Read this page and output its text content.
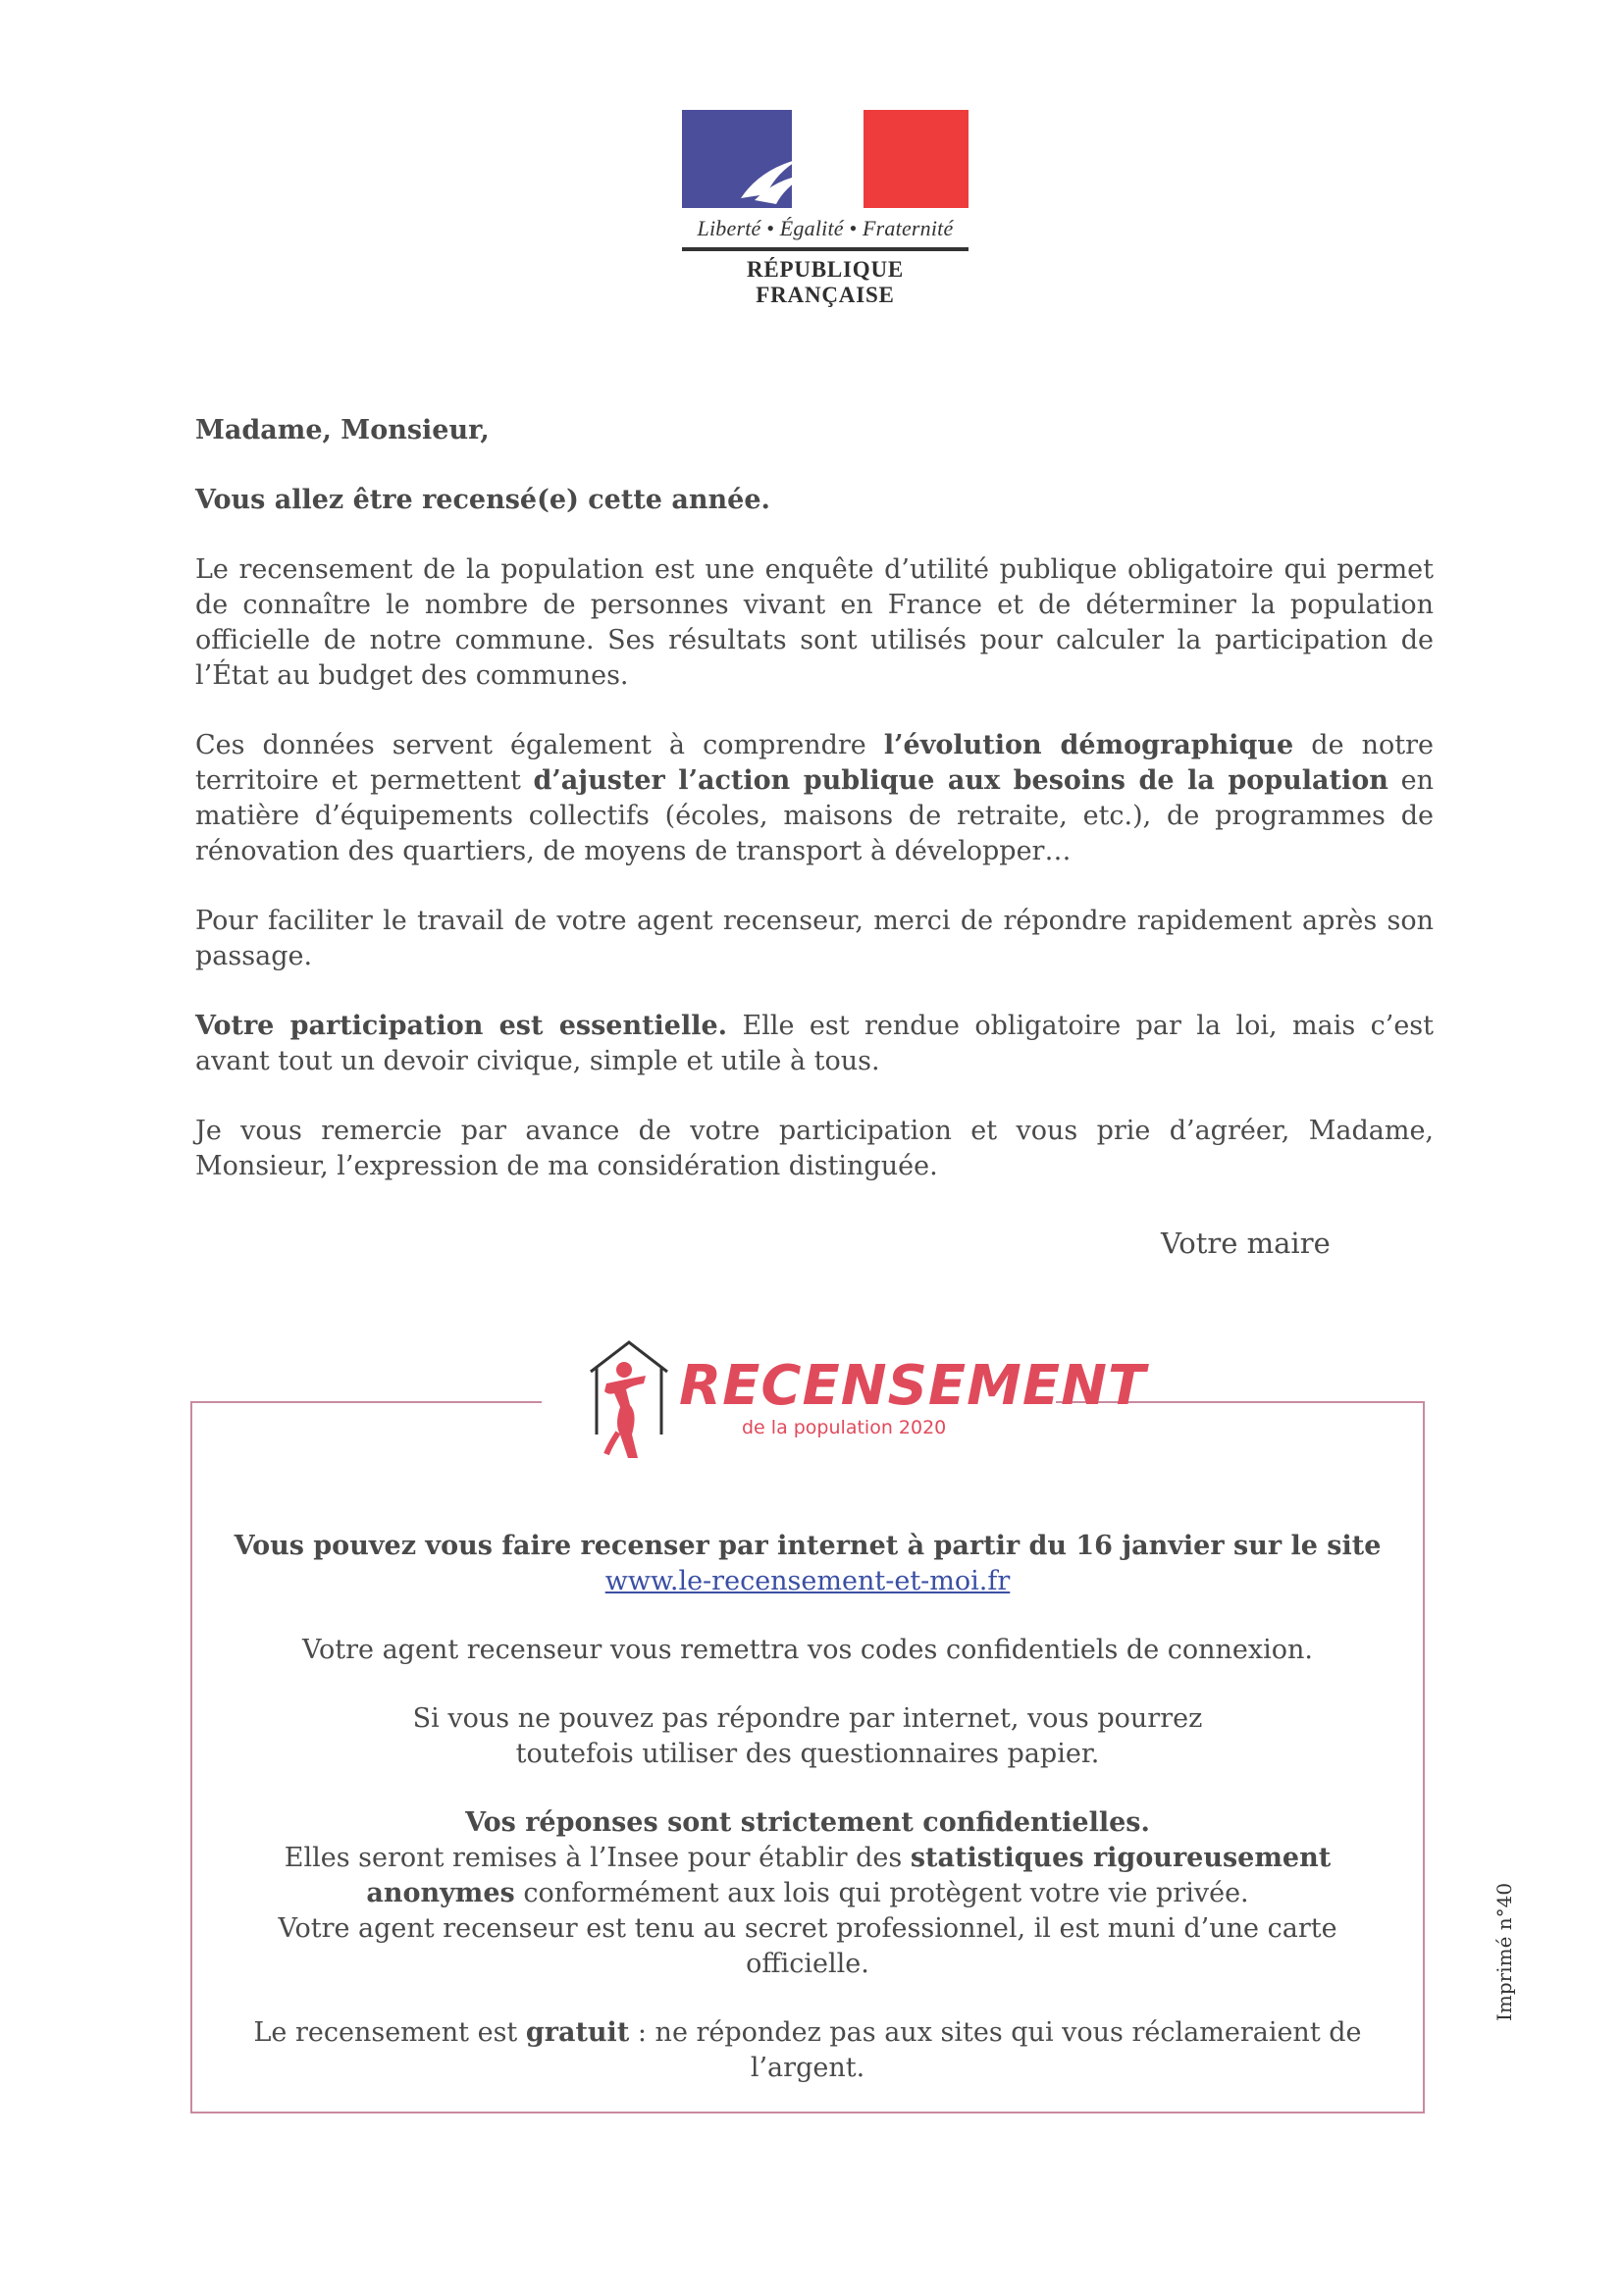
Liberté • Égalité • Fraternité
RÉPUBLIQUE FRANÇAISE

Madame, Monsieur,

Vous allez être recensé(e) cette année.

Le recensement de la population est une enquête d’utilité publique obligatoire qui permet de connaître le nombre de personnes vivant en France et de déterminer la population officielle de notre commune. Ses résultats sont utilisés pour calculer la participation de l’État au budget des communes.

Ces données servent également à comprendre l’évolution démographique de notre territoire et permettent d’ajuster l’action publique aux besoins de la population en matière d’équipements collectifs (écoles, maisons de retraite, etc.), de programmes de rénovation des quartiers, de moyens de transport à développer…

Pour faciliter le travail de votre agent recenseur, merci de répondre rapidement après son passage.

Votre participation est essentielle. Elle est rendue obligatoire par la loi, mais c’est avant tout un devoir civique, simple et utile à tous.

Je vous remercie par avance de votre participation et vous prie d’agréer, Madame, Monsieur, l’expression de ma considération distinguée.

Votre maire
RECENSEMENT
de la population 2020

Vous pouvez vous faire recenser par internet à partir du 16 janvier sur le site
www.le-recensement-et-moi.fr

Votre agent recenseur vous remettra vos codes confidentiels de connexion.

Si vous ne pouvez pas répondre par internet, vous pourrez
toutefois utiliser des questionnaires papier.

Vos réponses sont strictement confidentielles.
Elles seront remises à l’Insee pour établir des statistiques rigoureusement anonymes conformément aux lois qui protègent votre vie privée.
Votre agent recenseur est tenu au secret professionnel, il est muni d’une carte officielle.

Le recensement est gratuit : ne répondez pas aux sites qui vous réclameraient de l’argent.

Imprimé n°40
